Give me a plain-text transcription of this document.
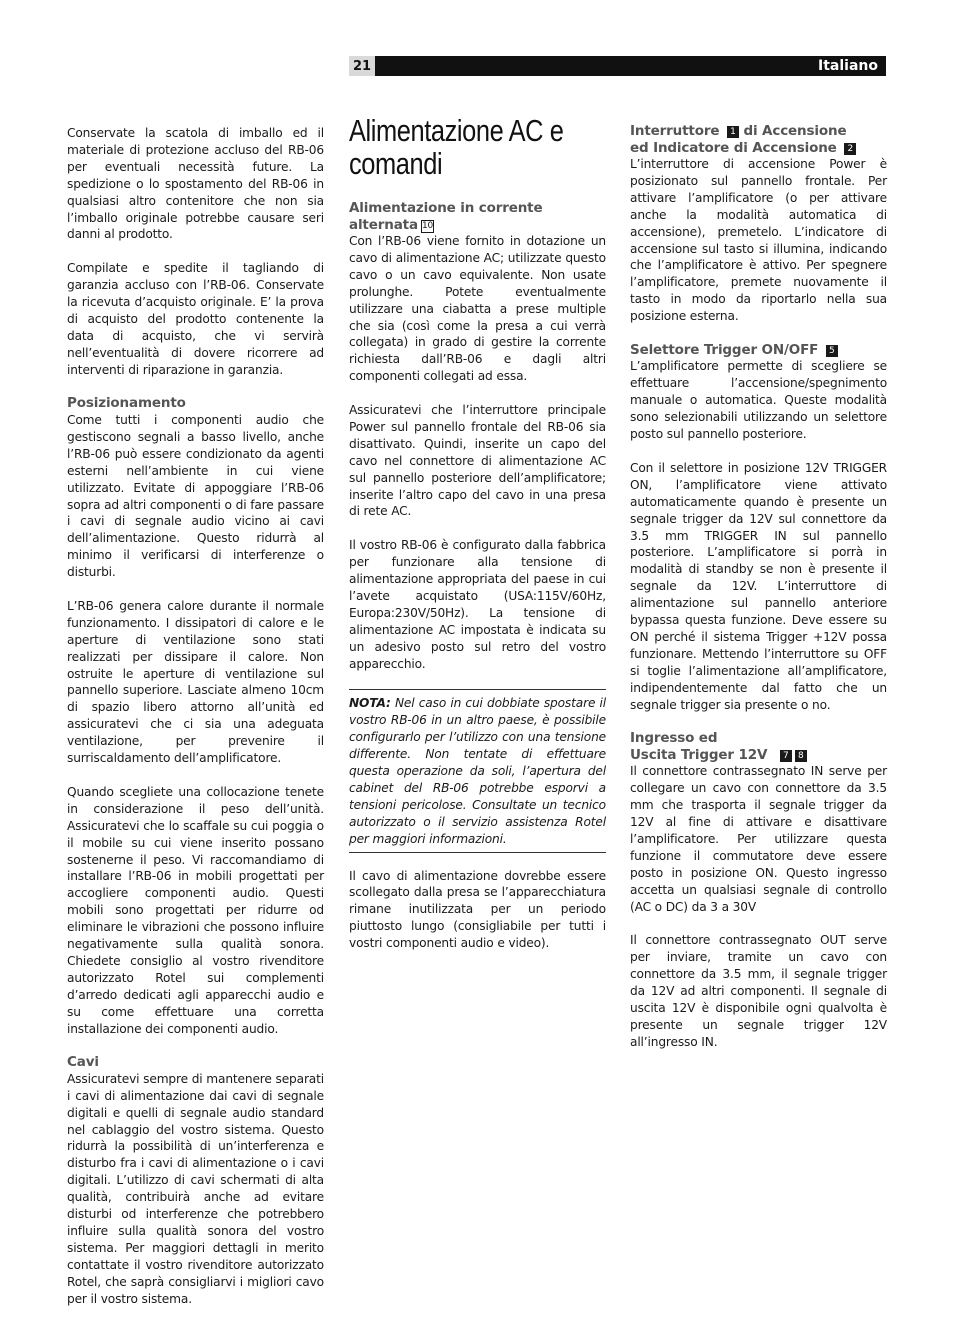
21	Italiano

Conservate la scatola di imballo ed il materiale di protezione accluso del RB-06 per eventuali necessità future. La spedizione o lo spostamento del RB-06 in qualsiasi altro contenitore che non sia l’imballo originale potrebbe causare seri danni al prodotto.

Compilate e spedite il tagliando di garanzia accluso con l’RB-06. Conservate la ricevuta d’acquisto originale. E’ la prova di acquisto del prodotto contenente la data di acquisto, che vi servirà nell’eventualità di dovere ricorrere ad interventi di riparazione in garanzia.

Posizionamento

Come tutti i componenti audio che gestiscono segnali a basso livello, anche l’RB-06 può essere condizionato da agenti esterni nell’ambiente in cui viene utilizzato. Evitate di appoggiare l’RB-06 sopra ad altri componenti o di fare passare i cavi di segnale audio vicino ai cavi dell’alimentazione. Questo ridurrà al minimo il verificarsi di interferenze o disturbi.

L’RB-06 genera calore durante il normale funzionamento. I dissipatori di calore e le aperture di ventilazione sono stati realizzati per dissipare il calore. Non ostruite le aperture di ventilazione sul pannello superiore. Lasciate almeno 10cm di spazio libero attorno all’unità ed assicuratevi che ci sia una adeguata ventilazione, per prevenire il surriscaldamento dell’amplificatore.

Quando scegliete una collocazione tenete in considerazione il peso dell’unità. Assicuratevi che lo scaffale su cui poggia o il mobile su cui viene inserito possano sostenerne il peso. Vi raccomandiamo di installare l’RB-06 in mobili progettati per accogliere componenti audio. Questi mobili sono progettati per ridurre od eliminare le vibrazioni che possono influire negativamente sulla qualità sonora. Chiedete consiglio al vostro rivenditore autorizzato Rotel sui complementi d’arredo dedicati agli apparecchi audio e su come effettuare una corretta installazione dei componenti audio.

Cavi

Assicuratevi sempre di mantenere separati i cavi di alimentazione dai cavi di segnale digitali e quelli di segnale audio standard nel cablaggio del vostro sistema. Questo ridurrà la possibilità di un’interferenza e disturbo fra i cavi di alimentazione o i cavi digitali. L’utilizzo di cavi schermati di alta qualità, contribuirà anche ad evitare disturbi od interferenze che potrebbero influire sulla qualità sonora del vostro sistema. Per maggiori dettagli in merito contattate il vostro rivenditore autorizzato Rotel, che saprà consigliarvi i migliori cavo per il vostro sistema.

Alimentazione AC e comandi
Alimentazione in corrente alternata 10

Con l’RB-06 viene fornito in dotazione un cavo di alimentazione AC; utilizzate questo cavo o un cavo equivalente. Non usate prolunghe. Potete eventualmente utilizzare una ciabatta a prese multiple che sia (così come la presa a cui verrà collegata) in grado di gestire la corrente richiesta dall’RB-06 e dagli altri componenti collegati ad essa.

Assicuratevi che l’interruttore principale Power sul pannello frontale del RB-06 sia disattivato. Quindi, inserite un capo del cavo nel connettore di alimentazione AC sul pannello posteriore dell’amplificatore; inserite l’altro capo del cavo in una presa di rete AC.

Il vostro RB-06 è configurato dalla fabbrica per funzionare alla tensione di alimentazione appropriata del paese in cui l’avete acquistato (USA:115V/60Hz, Europa:230V/50Hz). La tensione di alimentazione AC impostata è indicata su un adesivo posto sul retro del vostro apparecchio.

NOTA: Nel caso in cui dobbiate spostare il vostro RB-06 in un altro paese, è possibile configurarlo per l’utilizzo con una tensione differente. Non tentate di effettuare questa operazione da soli, l’apertura del cabinet del RB-06 potrebbe esporvi a tensioni pericolose. Consultate un tecnico autorizzato o il servizio assistenza Rotel per maggiori informazioni.

Il cavo di alimentazione dovrebbe essere scollegato dalla presa se l’apparecchiatura rimane inutilizzata per un periodo piuttosto lungo (consigliabile per tutti i vostri componenti audio e video).

Interruttore 1 di Accensione
ed Indicatore di Accensione 2

L’interruttore di accensione Power è posizionato sul pannello frontale. Per attivare l’amplificatore (o per attivare anche la modalità automatica di accensione), premetelo. L’indicatore di accensione sul tasto si illumina, indicando che l’amplificatore è attivo. Per spegnere l’amplificatore, premete nuovamente il tasto in modo da riportarlo nella sua posizione esterna.

Selettore Trigger ON/OFF 5

L’amplificatore permette di scegliere se effettuare l’accensione/spegnimento manuale o automatica. Queste modalità sono selezionabili utilizzando un selettore posto sul pannello posteriore.

Con il selettore in posizione 12V TRIGGER ON, l’amplificatore viene attivato automaticamente quando è presente un segnale trigger da 12V sul connettore da 3.5 mm TRIGGER IN sul pannello posteriore. L’amplificatore si porrà in modalità di standby se non è presente il segnale da 12V. L’interruttore di alimentazione sul pannello anteriore bypassa questa funzione. Deve essere su ON perché il sistema Trigger +12V possa funzionare. Mettendo l’interruttore su OFF si toglie l’alimentazione all’amplificatore, indipendentemente dal fatto che un segnale trigger sia presente o no.

Ingresso ed
Uscita Trigger 12V 7 8

Il connettore contrassegnato IN serve per collegare un cavo con connettore da 3.5 mm che trasporta il segnale trigger da 12V al fine di attivare e disattivare l’amplificatore. Per utilizzare questa funzione il commutatore deve essere posto in posizione ON. Questo ingresso accetta un qualsiasi segnale di controllo (AC o DC) da 3 a 30V

Il connettore contrassegnato OUT serve per inviare, tramite un cavo con connettore da 3.5 mm, il segnale trigger da 12V ad altri componenti. Il segnale di uscita 12V è disponibile ogni qualvolta è presente un segnale trigger 12V all’ingresso IN.
